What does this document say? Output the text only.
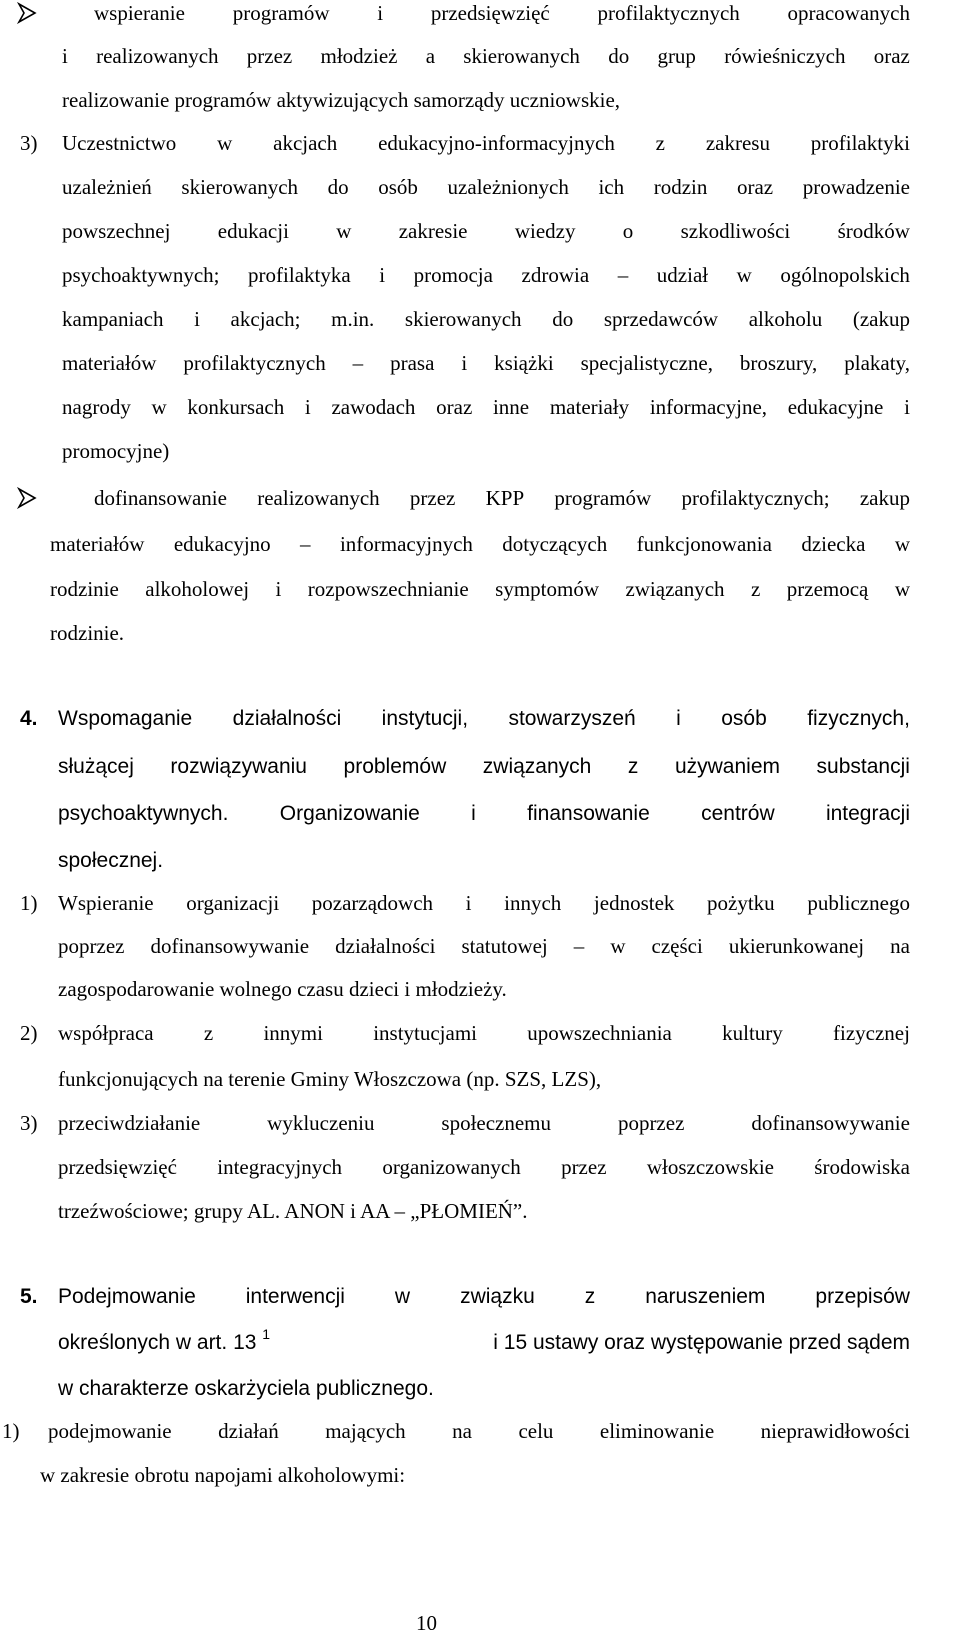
wspieranie programów i przedsięwzięć profilaktycznych opracowanych
i realizowanych przez młodzież a skierowanych do grup rówieśniczych oraz
realizowanie programów aktywizujących samorządy uczniowskie,
3) Uczestnictwo w akcjach edukacyjno-informacyjnych z zakresu profilaktyki
uzależnień skierowanych do osób uzależnionych ich rodzin oraz prowadzenie
powszechnej edukacji w zakresie wiedzy o szkodliwości środków
psychoaktywnych; profilaktyka i promocja zdrowia – udział w ogólnopolskich
kampaniach i akcjach; m.in. skierowanych do sprzedawców alkoholu (zakup
materiałów profilaktycznych – prasa i książki specjalistyczne, broszury, plakaty,
nagrody w konkursach i zawodach oraz inne materiały informacyjne, edukacyjne i
promocyjne)
dofinansowanie realizowanych przez KPP programów profilaktycznych; zakup
materiałów edukacyjno – informacyjnych dotyczących funkcjonowania dziecka w
rodzinie alkoholowej i rozpowszechnianie symptomów związanych z przemocą w
rodzinie.
4. Wspomaganie działalności instytucji, stowarzyszeń i osób fizycznych,
służącej rozwiązywaniu problemów związanych z używaniem substancji
psychoaktywnych. Organizowanie i finansowanie centrów integracji
społecznej.
1) Wspieranie organizacji pozarządowch i innych jednostek pożytku publicznego
poprzez dofinansowywanie działalności statutowej – w części ukierunkowanej na
zagospodarowanie wolnego czasu dzieci i młodzieży.
2) współpraca z innymi instytucjami upowszechniania kultury fizycznej
funkcjonujących na terenie Gminy Włoszczowa (np. SZS, LZS),
3) przeciwdziałanie	wykluczeniu	społecznemu	poprzez	dofinansowywanie
przedsięwzięć integracyjnych organizowanych przez włoszczowskie środowiska
trzeźwościowe; grupy AL. ANON i AA – „PŁOMIEŃ”.
5. Podejmowanie interwencji w związku z naruszeniem przepisów
określonych w art. 13 $^1$	i 15 ustawy oraz występowanie przed sądem
w charakterze oskarżyciela publicznego.
1) podejmowanie działań mających na celu eliminowanie nieprawidłowości
w zakresie obrotu napojami alkoholowymi:
10
